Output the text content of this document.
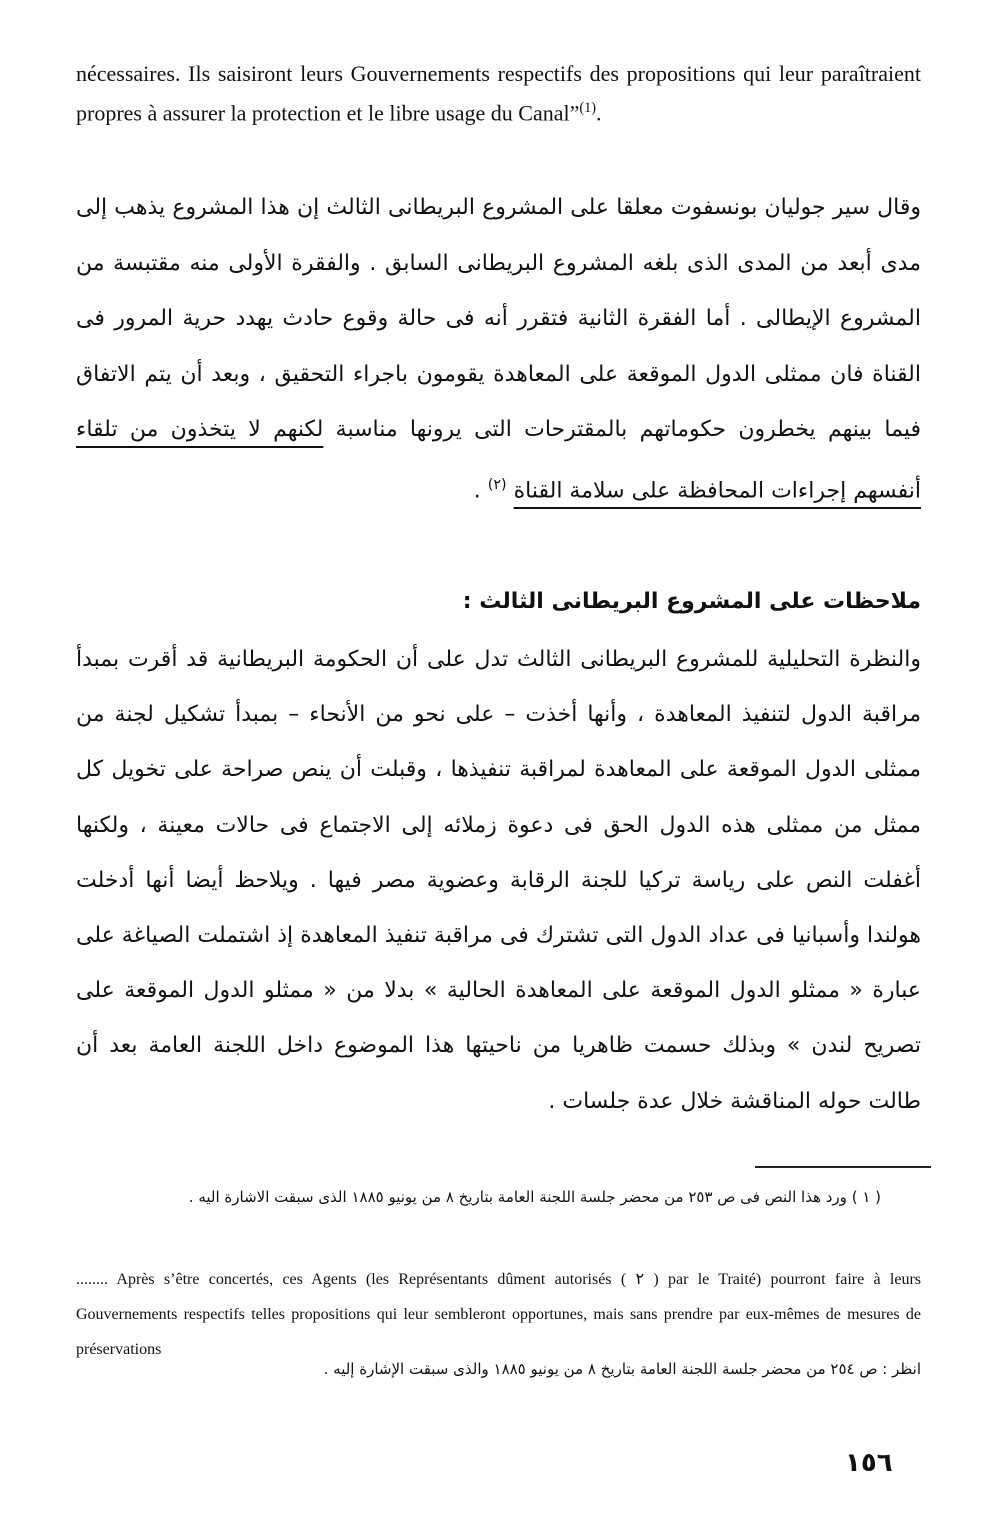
nécessaires. Ils saisiront leurs Gouvernements respectifs des propositions qui leur paraîtraient propres à assurer la protection et le libre usage du Canal”$^{(1)}$.
وقال سير جوليان بونسفوت معلقا على المشروع البريطانى الثالث إن هذا المشروع يذهب إلى مدى أبعد من المدى الذى بلغه المشروع البريطانى السابق . والفقرة الأولى منه مقتبسة من المشروع الإيطالى . أما الفقرة الثانية فتقرر أنه فى حالة وقوع حادث يهدد حرية المرور فى القناة فان ممثلى الدول الموقعة على المعاهدة يقومون باجراء التحقيق ، وبعد أن يتم الاتفاق فيما بينهم يخطرون حكوماتهم بالمقترحات التى يرونها مناسبة لكنهم لا يتخذون من تلقاء أنفسهم إجراءات المحافظة على سلامة القناة $^{(٢)}$ .
ملاحظات على المشروع البريطانى الثالث :
والنظرة التحليلية للمشروع البريطانى الثالث تدل على أن الحكومة البريطانية قد أقرت بمبدأ مراقبة الدول لتنفيذ المعاهدة ، وأنها أخذت – على نحو من الأنحاء – بمبدأ تشكيل لجنة من ممثلى الدول الموقعة على المعاهدة لمراقبة تنفيذها ، وقبلت أن ينص صراحة على تخويل كل ممثل من ممثلى هذه الدول الحق فى دعوة زملائه إلى الاجتماع فى حالات معينة ، ولكنها أغفلت النص على رياسة تركيا للجنة الرقابة وعضوية مصر فيها . ويلاحظ أيضا أنها أدخلت هولندا وأسبانيا فى عداد الدول التى تشترك فى مراقبة تنفيذ المعاهدة إذ اشتملت الصياغة على عبارة « ممثلو الدول الموقعة على المعاهدة الحالية » بدلا من « ممثلو الدول الموقعة على تصريح لندن » وبذلك حسمت ظاهريا من ناحيتها هذا الموضوع داخل اللجنة العامة بعد أن طالت حوله المناقشة خلال عدة جلسات .
( ١ ) ورد هذا النص فى ص ٢٥٣ من محضر جلسة اللجنة العامة بتاريخ ٨ من يونيو ١٨٨٥ الذى سبقت الاشارة اليه .
........ Après s’être concertés, ces Agents (les Représentants dûment autorisés ( ٢ ) par le Traité) pourront faire à leurs Gouvernements respectifs telles propositions qui leur sembleront opportunes, mais sans prendre par eux-mêmes de mesures de préservations
انظر : ص ٢٥٤ من محضر جلسة اللجنة العامة بتاريخ ٨ من يونيو ١٨٨٥ والذى سبقت الإشارة إليه .
١٥٦
